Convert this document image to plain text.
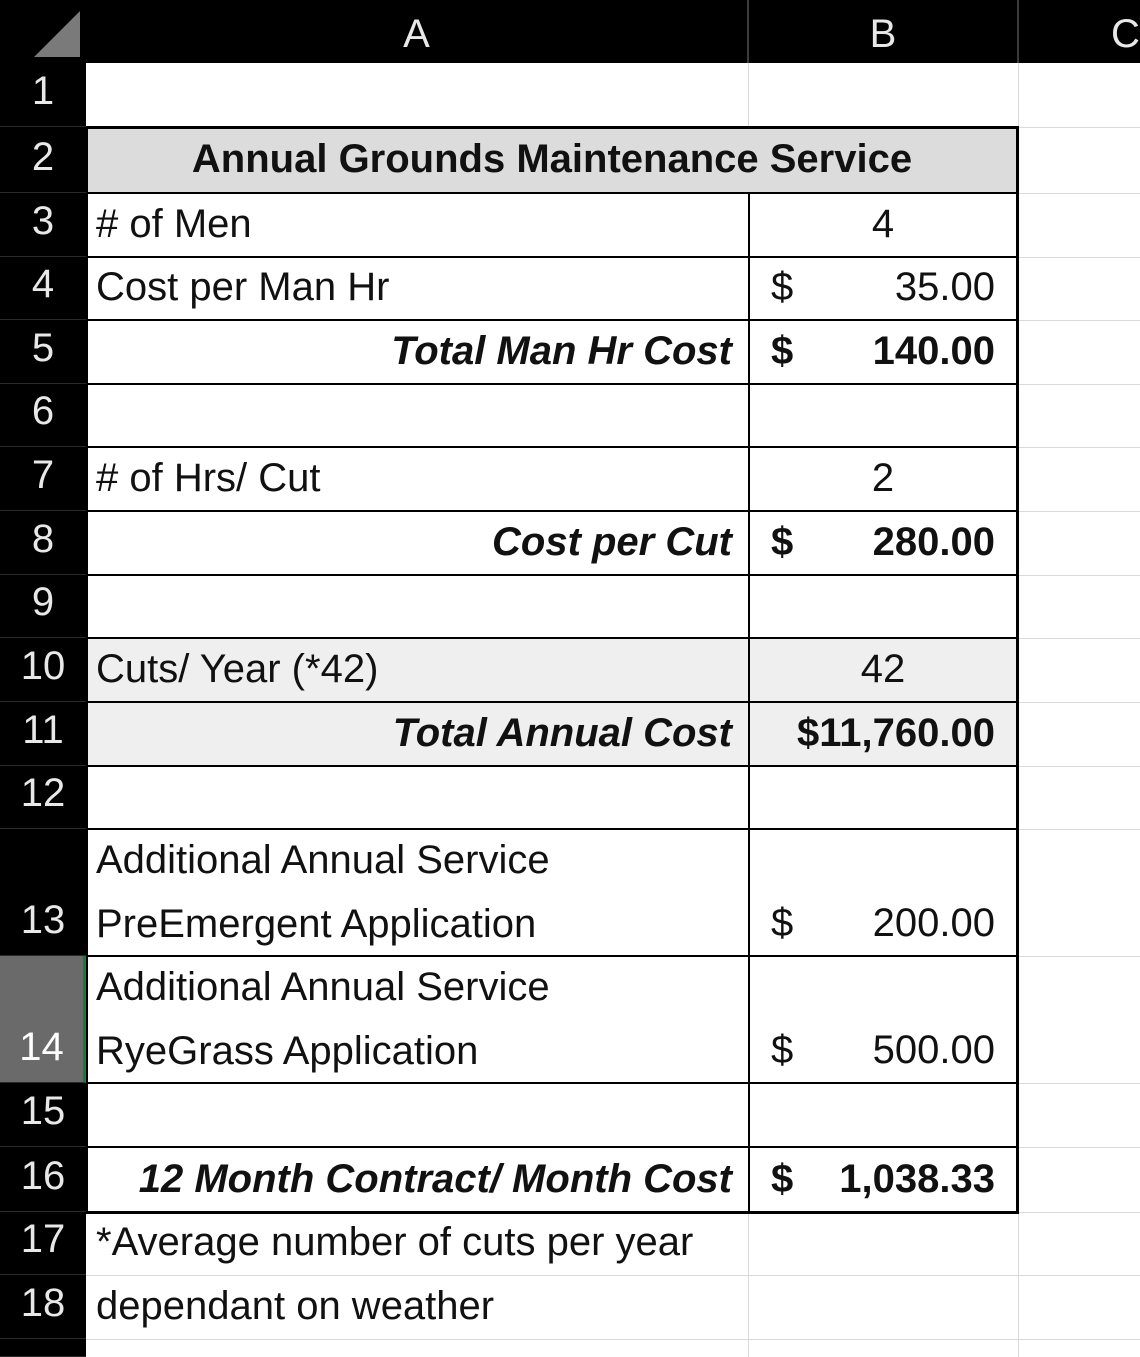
A	B	C
1
2
3
4
5
6
7
8
9
10
11
12
13
14
15
16
17
18
Annual Grounds Maintenance Service
# of Men	4
Cost per Man Hr	$	35.00
Total Man Hr Cost $ 140.00
# of Hrs/ Cut	2
Cost per Cut $ 280.00
Cuts/ Year (*42)	42
Total Annual Cost	$11,760.00
Additional Annual Service
PreEmergent Application	$ 200.00
Additional Annual Service
RyeGrass Application	$ 500.00
12 Month Contract/ Month Cost $ 1,038.33
*Average number of cuts per year
dependant on weather
